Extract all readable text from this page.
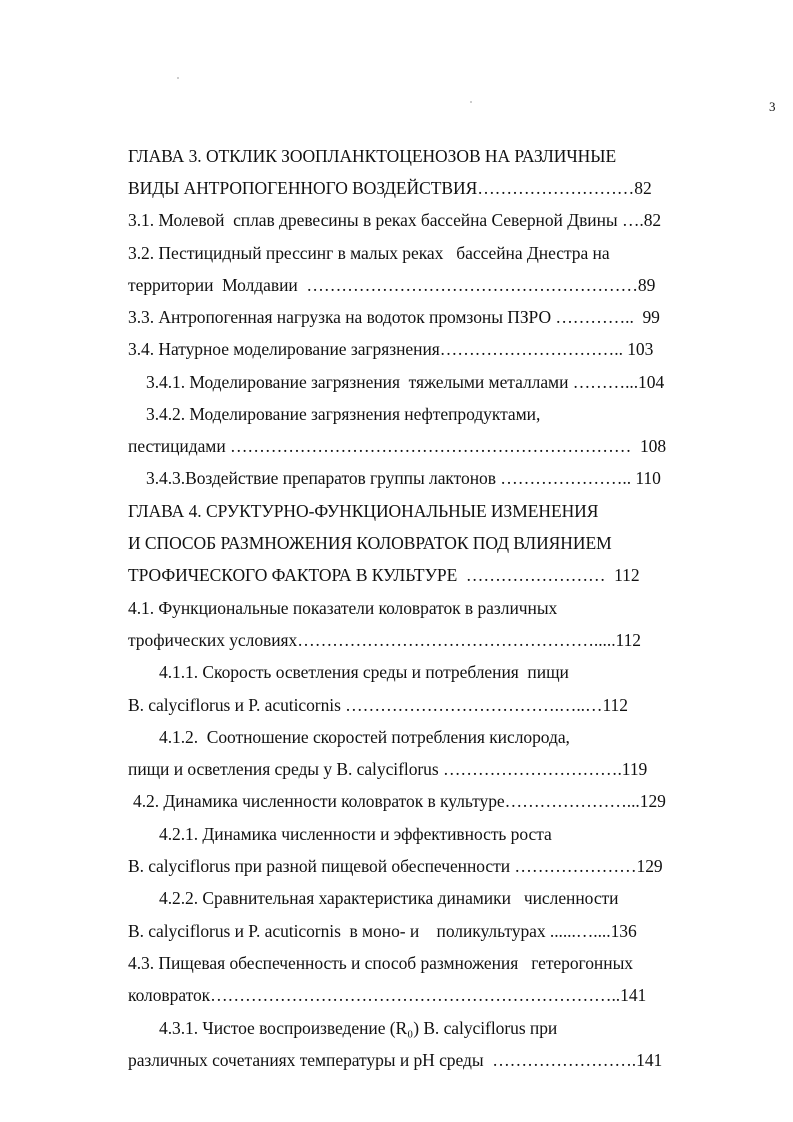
3
ГЛАВА 3. ОТКЛИК ЗООПЛАНКТОЦЕНОЗОВ НА РАЗЛИЧНЫЕ
ВИДЫ АНТРОПОГЕННОГО ВОЗДЕЙСТВИЯ………………………82
3.1. Молевой  сплав древесины в реках бассейна Северной Двины ….82
3.2. Пестицидный прессинг в малых реках   бассейна Днестра на
территории  Молдавии  …………………………………………………89
3.3. Антропогенная нагрузка на водоток промзоны ПЗРО …………..  99
3.4. Натурное моделирование загрязнения………………………….. 103
3.4.1. Моделирование загрязнения  тяжелыми металлами ………...104
3.4.2. Моделирование загрязнения нефтепродуктами,
пестицидами ……………………………………………………………  108
3.4.3.Воздействие препаратов группы лактонов ………………….. 110
ГЛАВА 4. СРУКТУРНО-ФУНКЦИОНАЛЬНЫЕ ИЗМЕНЕНИЯ
И СПОСОБ РАЗМНОЖЕНИЯ КОЛОВРАТОК ПОД ВЛИЯНИЕМ
ТРОФИЧЕСКОГО ФАКТОРА В КУЛЬТУРЕ  ……………………  112
4.1. Функциональные показатели коловраток в различных
трофических условиях…………………………………………….....112
4.1.1. Скорость осветления среды и потребления  пищи
B. calyciflorus и P. acuticornis ……………………………….…..…112
4.1.2.  Соотношение скоростей потребления кислорода,
пищи и осветления среды у B. calyciflorus ………………………….119
4.2. Динамика численности коловраток в культуре…………………...129
4.2.1. Динамика численности и эффективность роста
B. calyciflorus при разной пищевой обеспеченности …………………129
4.2.2. Сравнительная характеристика динамики   численности
B. calyciflorus и P. acuticornis  в моно- и    поликультурах ......…....136
4.3. Пищевая обеспеченность и способ размножения   гетерогонных
коловраток……………………………………………………………..141
4.3.1. Чистое воспроизведение (R₀) B. calyciflorus при
различных сочетаниях температуры и pH среды  …………………….141
